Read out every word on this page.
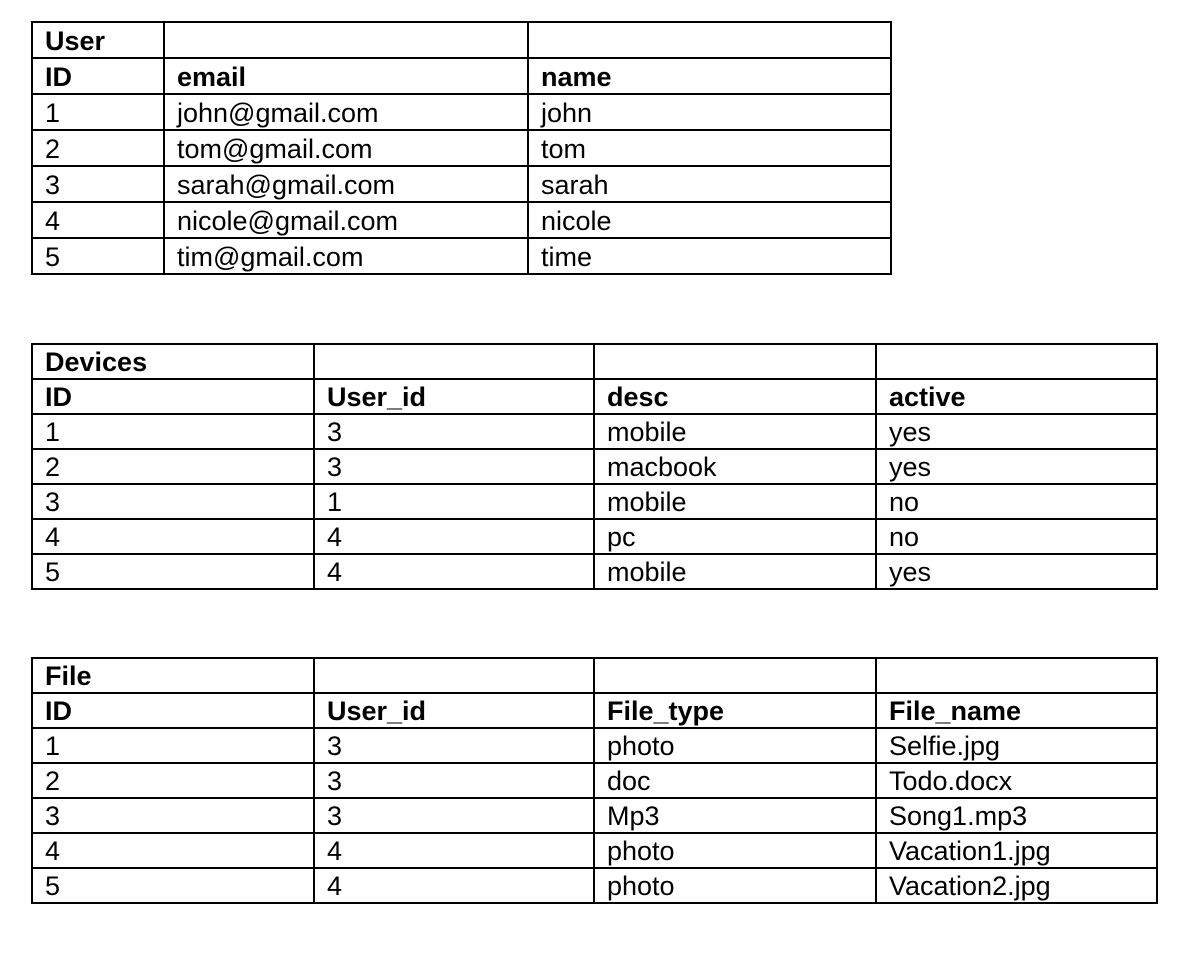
User		
ID	email	name
1	john@gmail.com	john
2	tom@gmail.com	tom
3	sarah@gmail.com	sarah
4	nicole@gmail.com	nicole
5	tim@gmail.com	time
Devices			
ID	User_id	desc	active
1	3	mobile	yes
2	3	macbook	yes
3	1	mobile	no
4	4	pc	no
5	4	mobile	yes
File			
ID	User_id	File_type	File_name
1	3	photo	Selfie.jpg
2	3	doc	Todo.docx
3	3	Mp3	Song1.mp3
4	4	photo	Vacation1.jpg
5	4	photo	Vacation2.jpg
